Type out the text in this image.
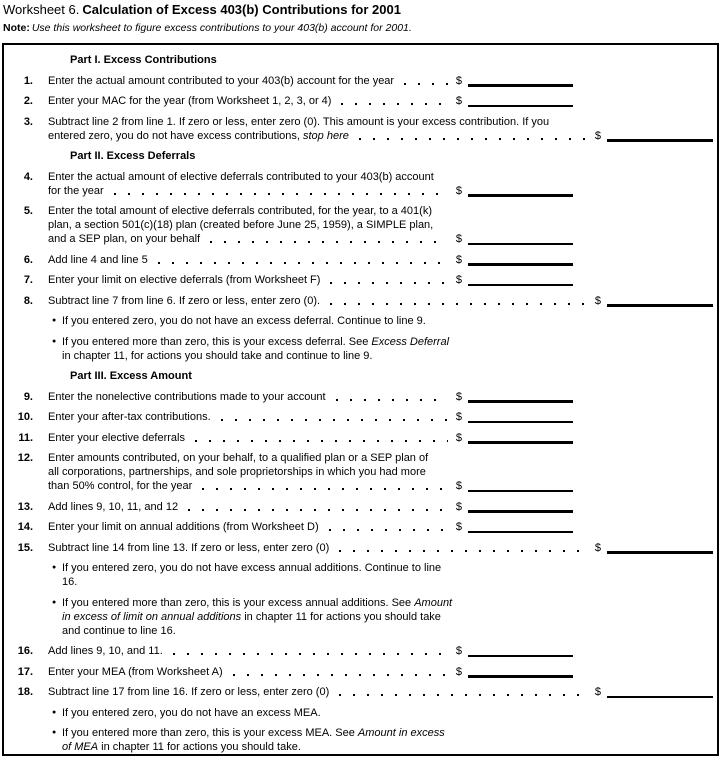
Worksheet 6. Calculation of Excess 403(b) Contributions for 2001
Note: Use this worksheet to figure excess contributions to your 403(b) account for 2001.
Part I. Excess Contributions
1. Enter the actual amount contributed to your 403(b) account for the year	$
2. Enter your MAC for the year (from Worksheet 1, 2, 3, or 4)	$
3. Subtract line 2 from line 1. If zero or less, enter zero (0). This amount is your excess contribution. If you
entered zero, you do not have excess contributions, stop here	$
Part II. Excess Deferrals
4. Enter the actual amount of elective deferrals contributed to your 403(b) account
for the year	$
5. Enter the total amount of elective deferrals contributed, for the year, to a 401(k)
plan, a section 501(c)(18) plan (created before June 25, 1959), a SIMPLE plan,
and a SEP plan, on your behalf	$
6. Add line 4 and line 5	$
7. Enter your limit on elective deferrals (from Worksheet F)	$
8. Subtract line 7 from line 6. If zero or less, enter zero (0).	$
● If you entered zero, you do not have an excess deferral. Continue to line 9.
● If you entered more than zero, this is your excess deferral. See Excess Deferral
in chapter 11, for actions you should take and continue to line 9.
Part III. Excess Amount
9. Enter the nonelective contributions made to your account	$
10. Enter your after-tax contributions.	$
11. Enter your elective deferrals	$
12. Enter amounts contributed, on your behalf, to a qualified plan or a SEP plan of
all corporations, partnerships, and sole proprietorships in which you had more
than 50% control, for the year	$
13. Add lines 9, 10, 11, and 12	$
14. Enter your limit on annual additions (from Worksheet D)	$
15. Subtract line 14 from line 13. If zero or less, enter zero (0)	$
● If you entered zero, you do not have excess annual additions. Continue to line
16.
● If you entered more than zero, this is your excess annual additions. See Amount
in excess of limit on annual additions in chapter 11 for actions you should take
and continue to line 16.
16. Add lines 9, 10, and 11.	$
17. Enter your MEA (from Worksheet A)	$
18. Subtract line 17 from line 16. If zero or less, enter zero (0)	$
● If you entered zero, you do not have an excess MEA.
● If you entered more than zero, this is your excess MEA. See Amount in excess
of MEA in chapter 11 for actions you should take.
